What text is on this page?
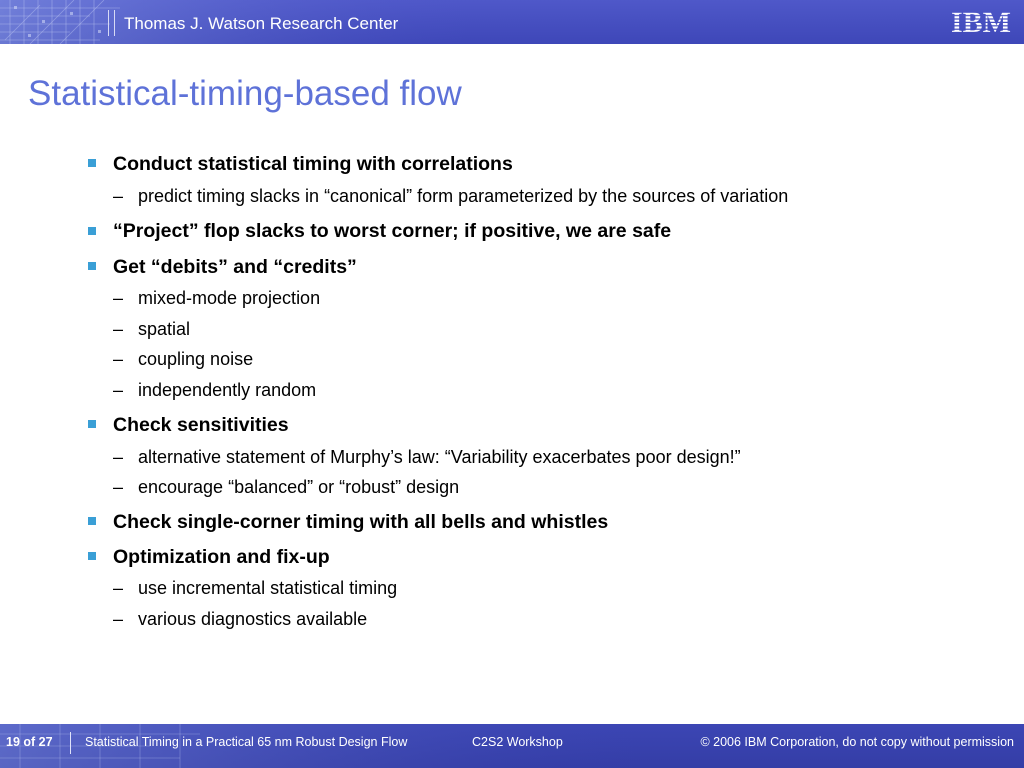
Thomas J. Watson Research Center	IBM
Statistical-timing-based flow
Conduct statistical timing with correlations
– predict timing slacks in “canonical” form parameterized by the sources of variation
“Project” flop slacks to worst corner; if positive, we are safe
Get “debits” and “credits”
– mixed-mode projection
– spatial
– coupling noise
– independently random
Check sensitivities
– alternative statement of Murphy’s law: “Variability exacerbates poor design!”
– encourage “balanced” or “robust” design
Check single-corner timing with all bells and whistles
Optimization and fix-up
– use incremental statistical timing
– various diagnostics available
19 of 27	Statistical Timing in a Practical 65 nm Robust Design Flow	C2S2 Workshop	© 2006 IBM Corporation, do not copy without permission
